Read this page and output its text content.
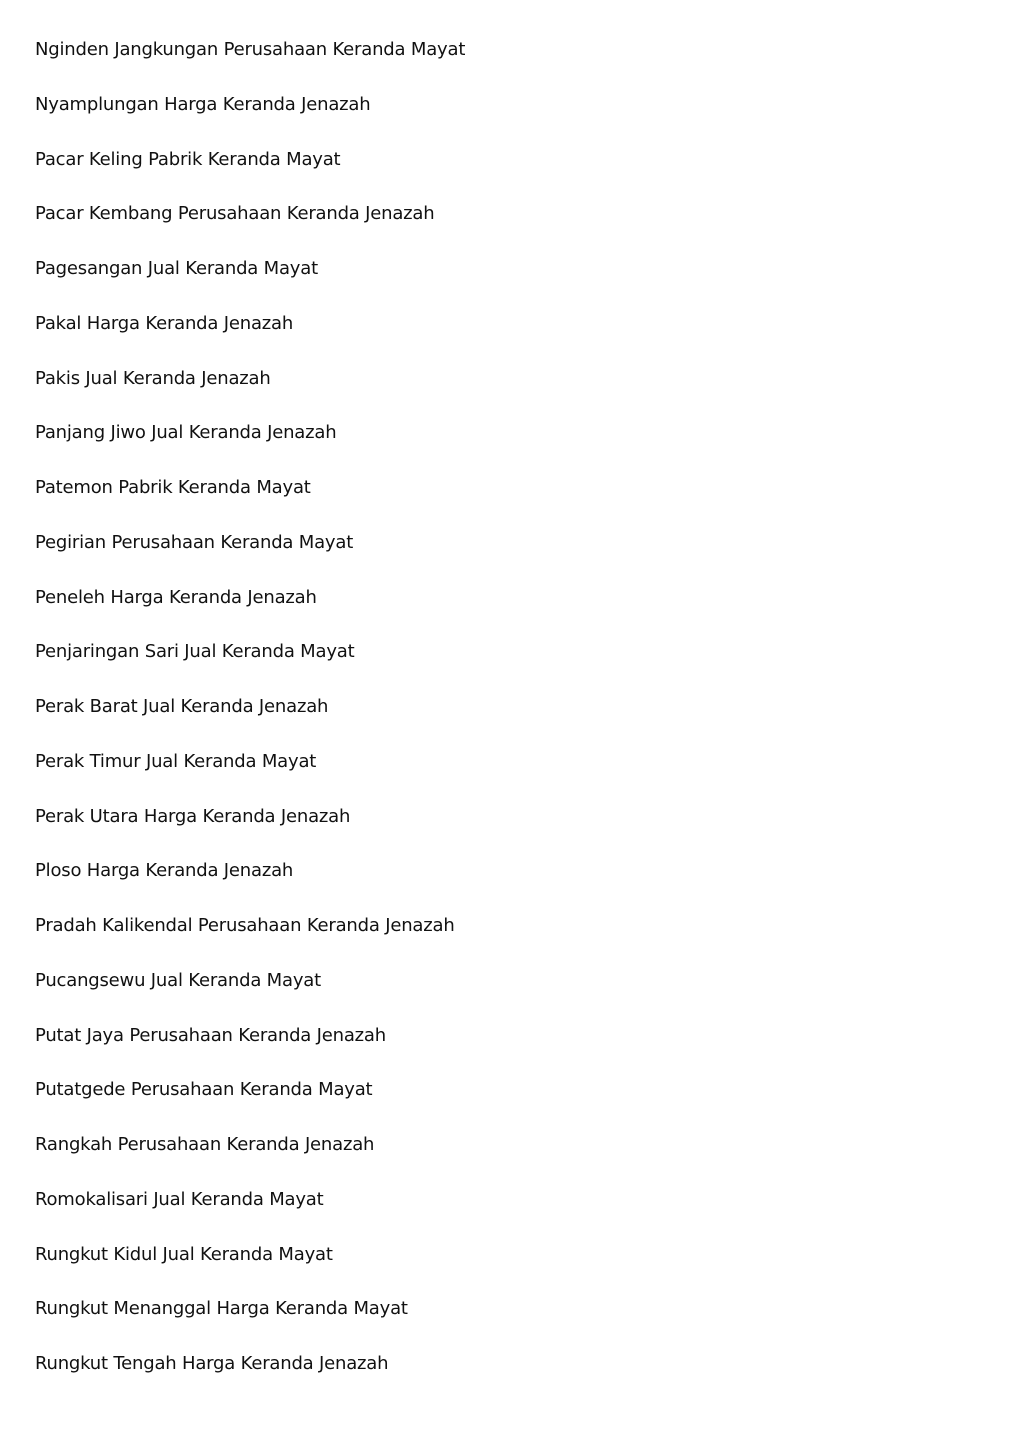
Nginden Jangkungan Perusahaan Keranda Mayat
Nyamplungan Harga Keranda Jenazah
Pacar Keling Pabrik Keranda Mayat
Pacar Kembang Perusahaan Keranda Jenazah
Pagesangan Jual Keranda Mayat
Pakal Harga Keranda Jenazah
Pakis Jual Keranda Jenazah
Panjang Jiwo Jual Keranda Jenazah
Patemon Pabrik Keranda Mayat
Pegirian Perusahaan Keranda Mayat
Peneleh Harga Keranda Jenazah
Penjaringan Sari Jual Keranda Mayat
Perak Barat Jual Keranda Jenazah
Perak Timur Jual Keranda Mayat
Perak Utara Harga Keranda Jenazah
Ploso Harga Keranda Jenazah
Pradah Kalikendal Perusahaan Keranda Jenazah
Pucangsewu Jual Keranda Mayat
Putat Jaya Perusahaan Keranda Jenazah
Putatgede Perusahaan Keranda Mayat
Rangkah Perusahaan Keranda Jenazah
Romokalisari Jual Keranda Mayat
Rungkut Kidul Jual Keranda Mayat
Rungkut Menanggal Harga Keranda Mayat
Rungkut Tengah Harga Keranda Jenazah
